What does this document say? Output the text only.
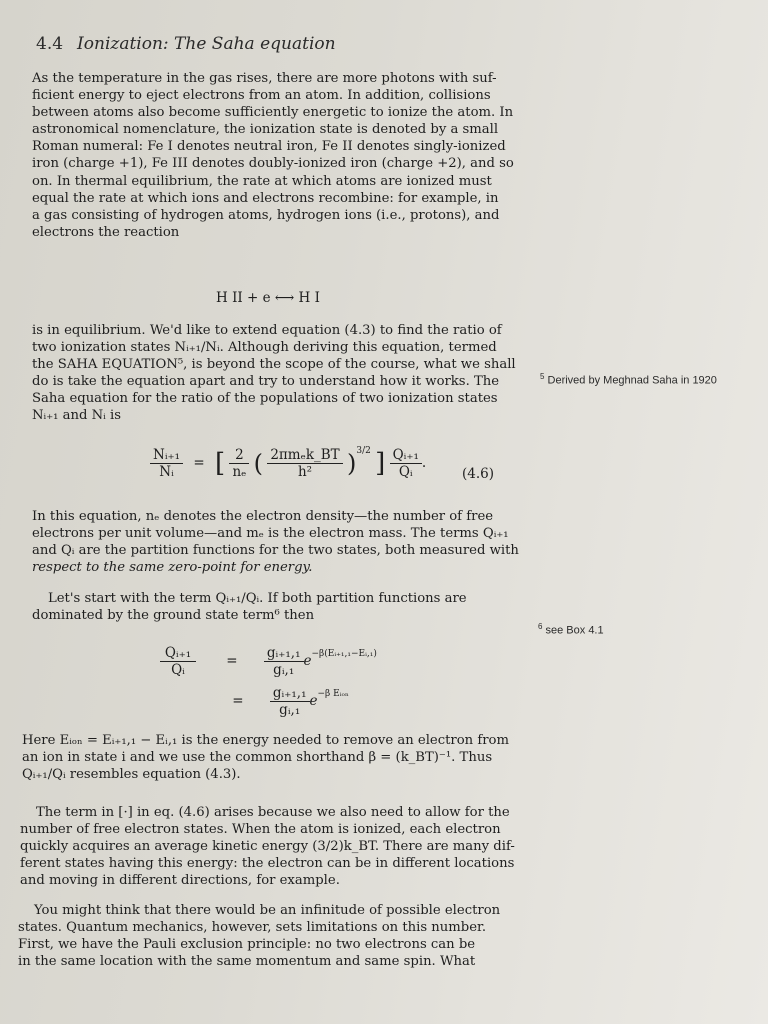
4.4 Ionization: The Saha equation
As the temperature in the gas rises, there are more photons with suf-
ficient energy to eject electrons from an atom. In addition, collisions
between atoms also become sufficiently energetic to ionize the atom. In
astronomical nomenclature, the ionization state is denoted by a small
Roman numeral: Fe I denotes neutral iron, Fe II denotes singly-ionized
iron (charge +1), Fe III denotes doubly-ionized iron (charge +2), and so
on. In thermal equilibrium, the rate at which atoms are ionized must
equal the rate at which ions and electrons recombine: for example, in
a gas consisting of hydrogen atoms, hydrogen ions (i.e., protons), and
electrons the reaction
H II + e ⟷ H I
is in equilibrium. We'd like to extend equation (4.3) to find the ratio of
two ionization states Nᵢ₊₁/Nᵢ. Although deriving this equation, termed
the SAHA EQUATION⁵, is beyond the scope of the course, what we shall
do is take the equation apart and try to understand how it works. The
Saha equation for the ratio of the populations of two ionization states
Nᵢ₊₁ and Nᵢ is
$^5$ Derived by Meghnad Saha in 1920
$\frac{\text{Nᵢ₊₁}}{\text{Nᵢ}}$ = [ $\frac{2}{\text{nₑ}}$ ( $\frac{\text{2πmₑk\_BT}}{\text{h²}} )^{3/2}$ ] $\frac{\text{Qᵢ₊₁}}{\text{Qᵢ}}$ .
(4.6)
In this equation, nₑ denotes the electron density—the number of free
electrons per unit volume—and mₑ is the electron mass. The terms Qᵢ₊₁
and Qᵢ are the partition functions for the two states, both measured with
respect to the same zero-point for energy.
Let's start with the term Qᵢ₊₁/Qᵢ. If both partition functions are
dominated by the ground state term⁶ then
$^6$ see Box 4.1
$\frac{\text{Qᵢ₊₁}}{\text{Qᵢ}} = \frac{\text{gᵢ₊₁,₁}}{\text{gᵢ,₁}} e^{-\beta(Eᵢ_{+1},_1-Eᵢ,_1)}$
= $\frac{\text{gᵢ₊₁,₁}}{\text{gᵢ,₁}} e^{-\beta Eᵢ_{on}}$
Here Eᵢₒₙ = Eᵢ₊₁,₁ − Eᵢ,₁ is the energy needed to remove an electron from
an ion in state i and we use the common shorthand β = (k_BT)⁻¹. Thus
Qᵢ₊₁/Qᵢ resembles equation (4.3).
The term in [·] in eq. (4.6) arises because we also need to allow for the
number of free electron states. When the atom is ionized, each electron
quickly acquires an average kinetic energy (3/2)k_BT. There are many dif-
ferent states having this energy: the electron can be in different locations
and moving in different directions, for example.
You might think that there would be an infinitude of possible electron
states. Quantum mechanics, however, sets limitations on this number.
First, we have the Pauli exclusion principle: no two electrons can be
in the same location with the same momentum and same spin. What
